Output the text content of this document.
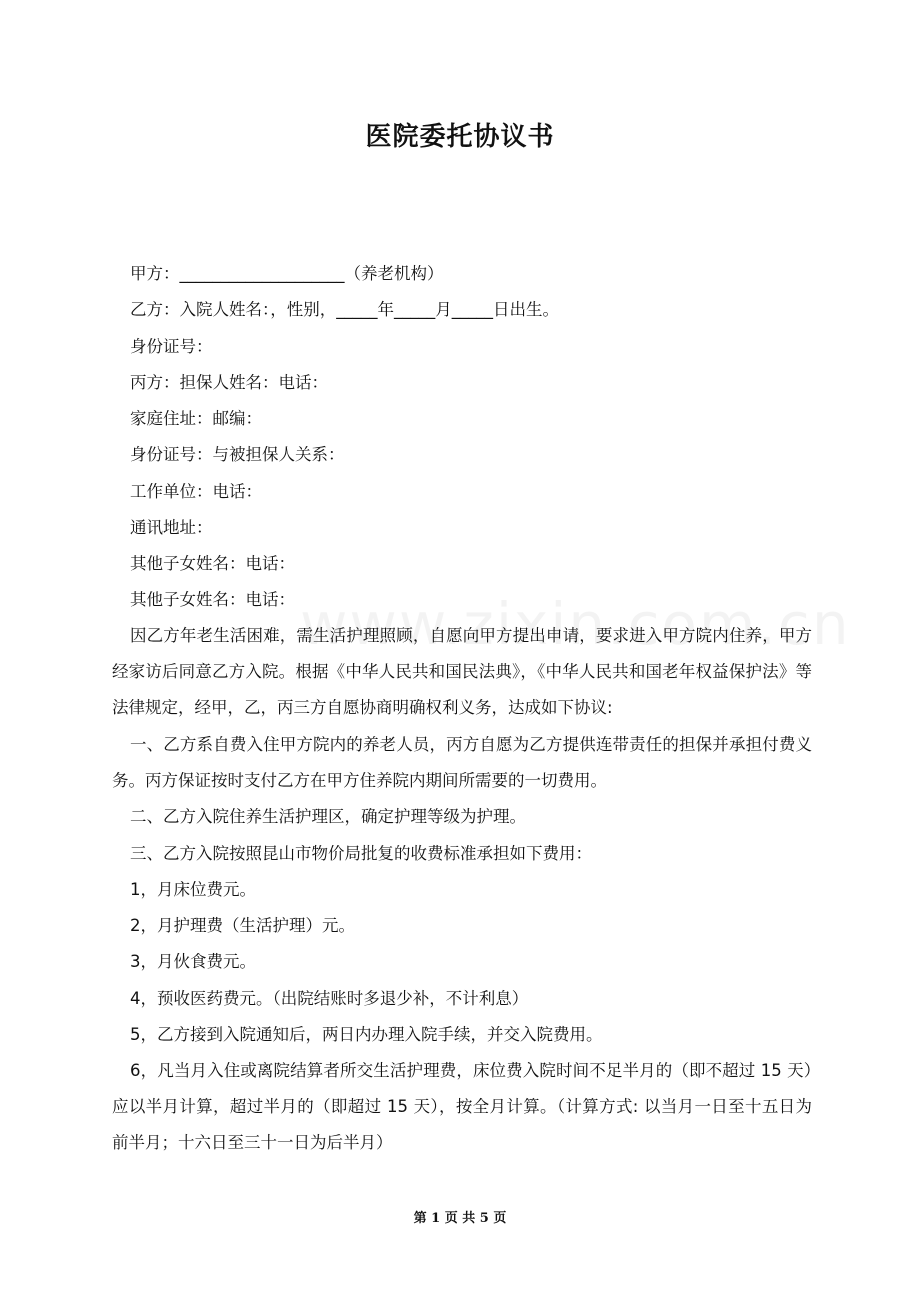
医院委托协议书
甲方：____________________（养老机构）
乙方：入院人姓名：，性别，_____年_____月_____日出生。
身份证号：
丙方：担保人姓名：电话：
家庭住址：邮编：
身份证号：与被担保人关系：
工作单位：电话：
通讯地址：
其他子女姓名：电话：
其他子女姓名：电话：

因乙方年老生活困难，需生活护理照顾，自愿向甲方提出申请，要求进入甲方院内住养，甲方经家访后同意乙方入院。根据《中华人民共和国民法典》，《中华人民共和国老年权益保护法》等法律规定，经甲，乙，丙三方自愿协商明确权利义务，达成如下协议:

一、乙方系自费入住甲方院内的养老人员，丙方自愿为乙方提供连带责任的担保并承担付费义务。丙方保证按时支付乙方在甲方住养院内期间所需要的一切费用。

二、乙方入院住养生活护理区，确定护理等级为护理。

三、乙方入院按照昆山市物价局批复的收费标准承担如下费用：

1，月床位费元。

2，月护理费（生活护理）元。

3，月伙食费元。

4，预收医药费元。（出院结账时多退少补，不计利息）

5，乙方接到入院通知后，两日内办理入院手续，并交入院费用。

6，凡当月入住或离院结算者所交生活护理费，床位费入院时间不足半月的（即不超过 15 天）应以半月计算，超过半月的（即超过 15 天），按全月计算。（计算方式: 以当月一日至十五日为前半月；十六日至三十一日为后半月）

第 1 页 共 5 页
